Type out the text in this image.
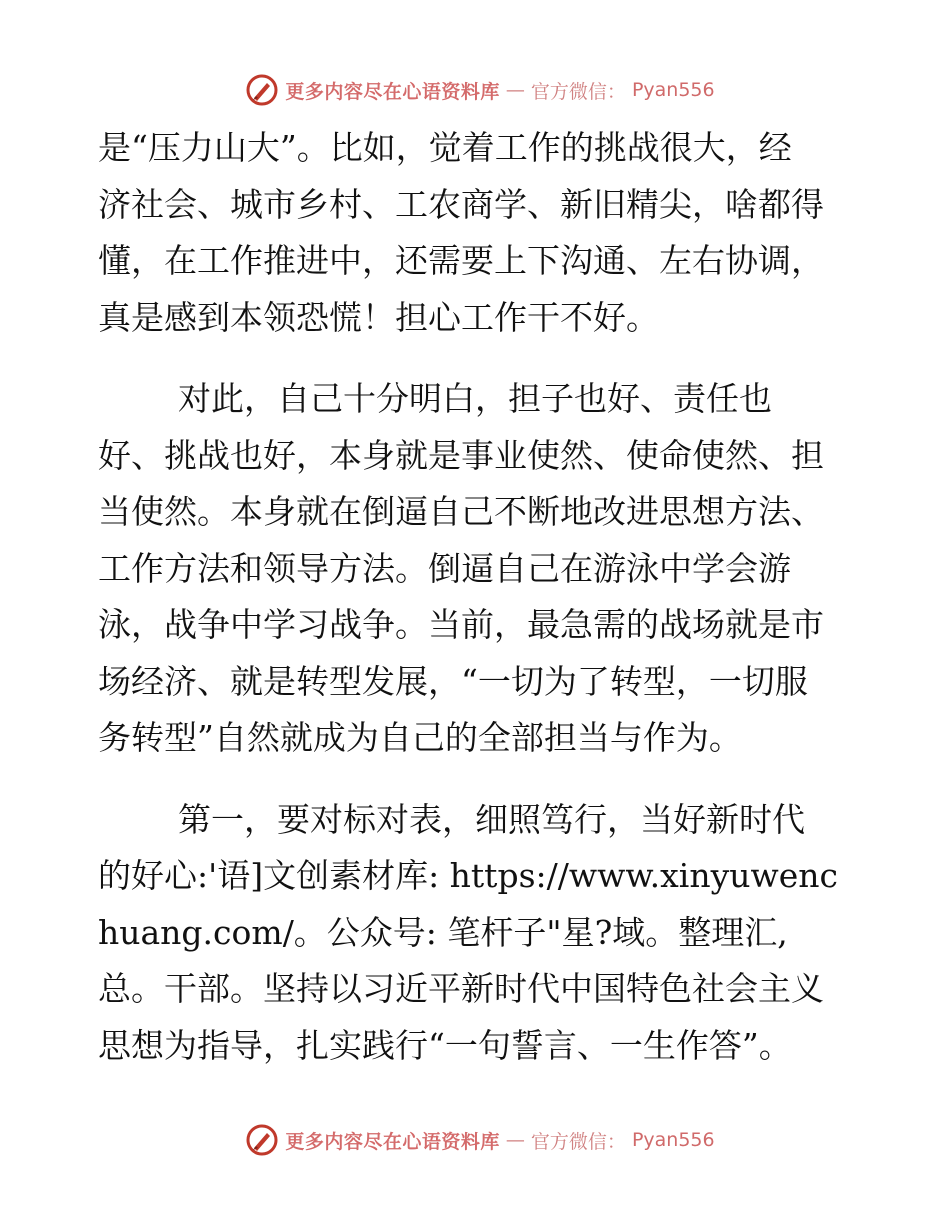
更多内容尽在心语资料库 — 官方微信： Pyan556
是“压力山大”。比如，觉着工作的挑战很大，经
济社会、城市乡村、工农商学、新旧精尖，啥都得
懂，在工作推进中，还需要上下沟通、左右协调，
真是感到本领恐慌！担心工作干不好。
对此，自己十分明白，担子也好、责任也
好、挑战也好，本身就是事业使然、使命使然、担
当使然。本身就在倒逼自己不断地改进思想方法、
工作方法和领导方法。倒逼自己在游泳中学会游
泳，战争中学习战争。当前，最急需的战场就是市
场经济、就是转型发展，“一切为了转型，一切服
务转型”自然就成为自己的全部担当与作为。
第一，要对标对表，细照笃行，当好新时代
的好心:'语]文创素材库: https://www.xinyuwenc
huang.com/。公众号: 笔杆子"星?域。整理汇,
总。干部。坚持以习近平新时代中国特色社会主义
思想为指导，扎实践行“一句誓言、一生作答”。
更多内容尽在心语资料库 — 官方微信： Pyan556
